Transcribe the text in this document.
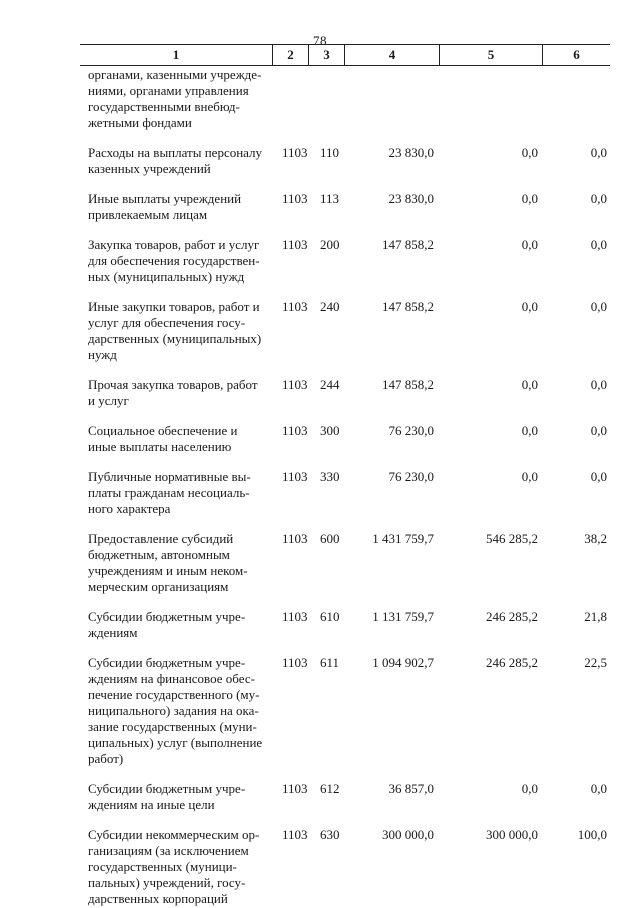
78
1	2	3	4	5	6
органами, казенными учрежде-
ниями, органами управления
государственными внебюд-
жетными фондами
Расходы на выплаты персоналу
казенных учреждений
1103 110	23 830,0	0,0	0,0
Иные выплаты учреждений
привлекаемым лицам
1103 113	23 830,0	0,0	0,0
Закупка товаров, работ и услуг
для обеспечения государствен-
ных (муниципальных) нужд
1103 200	147 858,2	0,0	0,0
Иные закупки товаров, работ и
услуг для обеспечения госу-
дарственных (муниципальных)
нужд
1103 240	147 858,2	0,0	0,0
Прочая закупка товаров, работ
и услуг
1103 244	147 858,2	0,0	0,0
Социальное обеспечение и
иные выплаты населению
1103 300	76 230,0	0,0	0,0
Публичные нормативные вы-
платы гражданам несоциаль-
ного характера
1103 330	76 230,0	0,0	0,0
Предоставление субсидий
бюджетным, автономным
учреждениям и иным неком-
мерческим организациям
1103 600	1 431 759,7	546 285,2	38,2
Субсидии бюджетным учре-
ждениям
1103 610	1 131 759,7	246 285,2	21,8
Субсидии бюджетным учре-
ждениям на финансовое обес-
печение государственного (му-
ниципального) задания на ока-
зание государственных (муни-
ципальных) услуг (выполнение
работ)
1103 611	1 094 902,7	246 285,2	22,5
Субсидии бюджетным учре-
ждениям на иные цели
1103 612	36 857,0	0,0	0,0
Субсидии некоммерческим ор-
ганизациям (за исключением
государственных (муници-
пальных) учреждений, госу-
дарственных корпораций
1103 630	300 000,0	300 000,0	100,0
